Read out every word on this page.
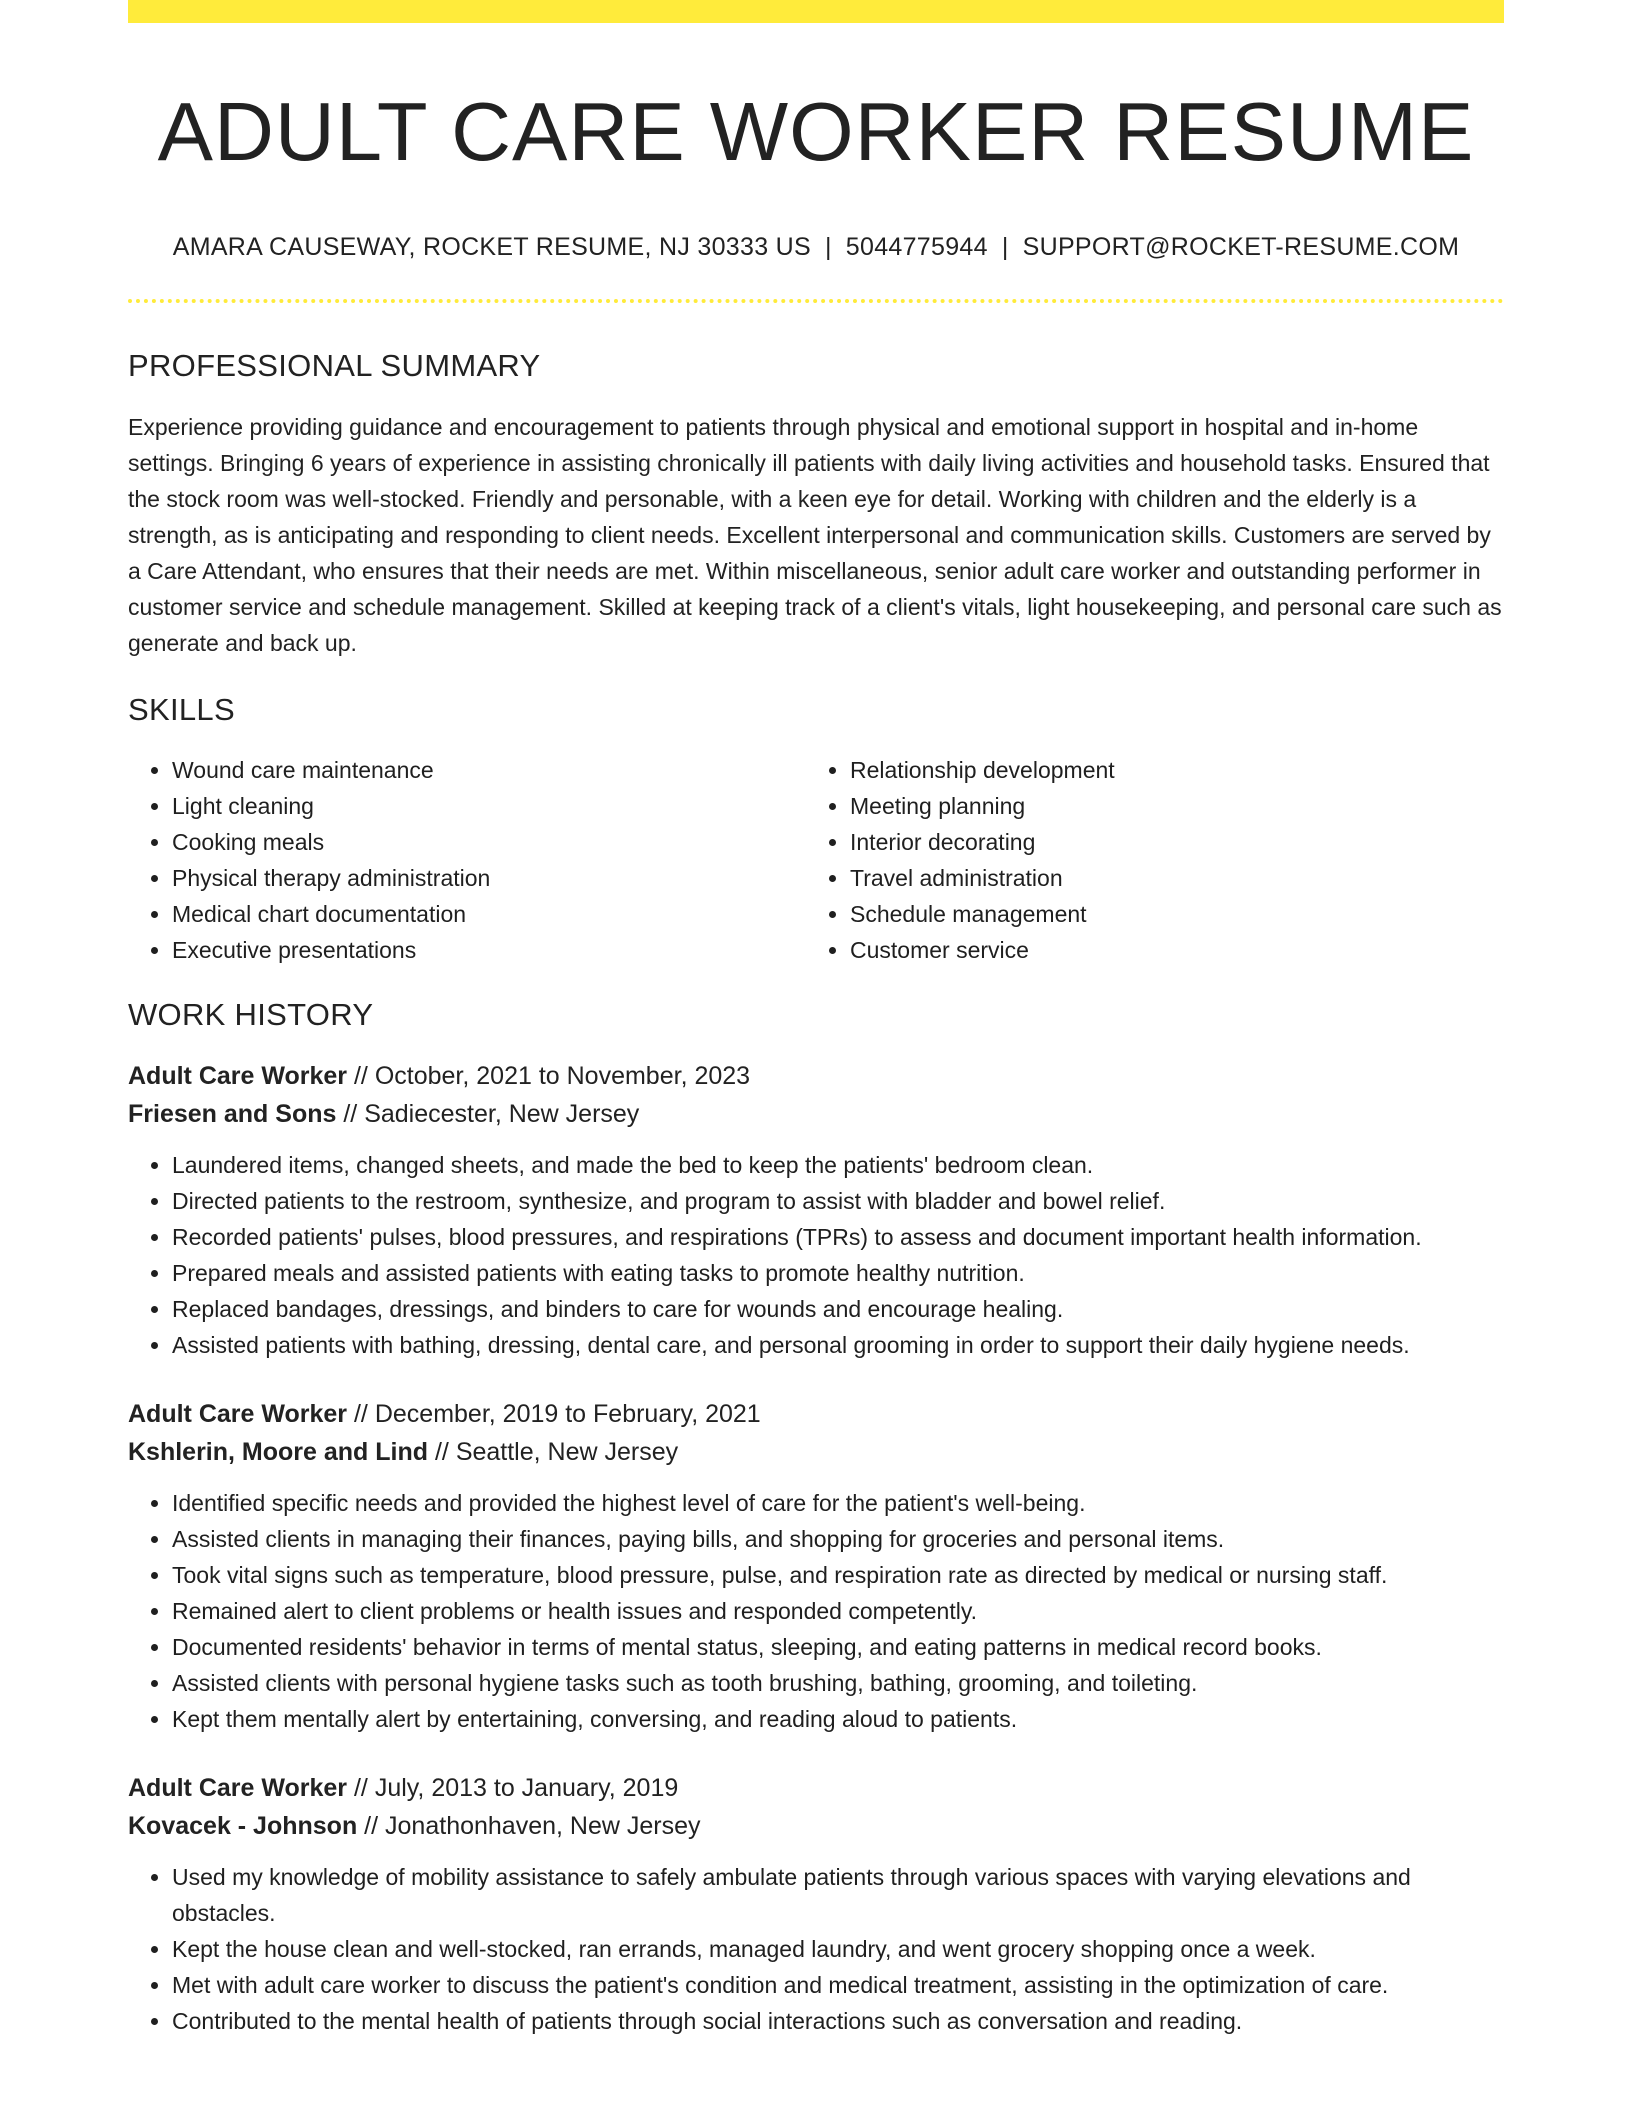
ADULT CARE WORKER RESUME
AMARA CAUSEWAY, ROCKET RESUME, NJ 30333 US | 5044775944 | SUPPORT@ROCKET-RESUME.COM
PROFESSIONAL SUMMARY

Experience providing guidance and encouragement to patients through physical and emotional support in hospital and in-home settings. Bringing 6 years of experience in assisting chronically ill patients with daily living activities and household tasks. Ensured that the stock room was well-stocked. Friendly and personable, with a keen eye for detail. Working with children and the elderly is a strength, as is anticipating and responding to client needs. Excellent interpersonal and communication skills. Customers are served by a Care Attendant, who ensures that their needs are met. Within miscellaneous, senior adult care worker and outstanding performer in customer service and schedule management. Skilled at keeping track of a client's vitals, light housekeeping, and personal care such as generate and back up.

SKILLS
• Wound care maintenance
• Light cleaning
• Cooking meals
• Physical therapy administration
• Medical chart documentation
• Executive presentations
• Relationship development
• Meeting planning
• Interior decorating
• Travel administration
• Schedule management
• Customer service
WORK HISTORY
Adult Care Worker // October, 2021 to November, 2023
Friesen and Sons // Sadiecester, New Jersey
• Laundered items, changed sheets, and made the bed to keep the patients' bedroom clean.
• Directed patients to the restroom, synthesize, and program to assist with bladder and bowel relief.
• Recorded patients' pulses, blood pressures, and respirations (TPRs) to assess and document important health information.
• Prepared meals and assisted patients with eating tasks to promote healthy nutrition.
• Replaced bandages, dressings, and binders to care for wounds and encourage healing.
• Assisted patients with bathing, dressing, dental care, and personal grooming in order to support their daily hygiene needs.
Adult Care Worker // December, 2019 to February, 2021
Kshlerin, Moore and Lind // Seattle, New Jersey
• Identified specific needs and provided the highest level of care for the patient's well-being.
• Assisted clients in managing their finances, paying bills, and shopping for groceries and personal items.
• Took vital signs such as temperature, blood pressure, pulse, and respiration rate as directed by medical or nursing staff.
• Remained alert to client problems or health issues and responded competently.
• Documented residents' behavior in terms of mental status, sleeping, and eating patterns in medical record books.
• Assisted clients with personal hygiene tasks such as tooth brushing, bathing, grooming, and toileting.
• Kept them mentally alert by entertaining, conversing, and reading aloud to patients.
Adult Care Worker // July, 2013 to January, 2019
Kovacek - Johnson // Jonathonhaven, New Jersey
• Used my knowledge of mobility assistance to safely ambulate patients through various spaces with varying elevations and obstacles.
• Kept the house clean and well-stocked, ran errands, managed laundry, and went grocery shopping once a week.
• Met with adult care worker to discuss the patient's condition and medical treatment, assisting in the optimization of care.
• Contributed to the mental health of patients through social interactions such as conversation and reading.
